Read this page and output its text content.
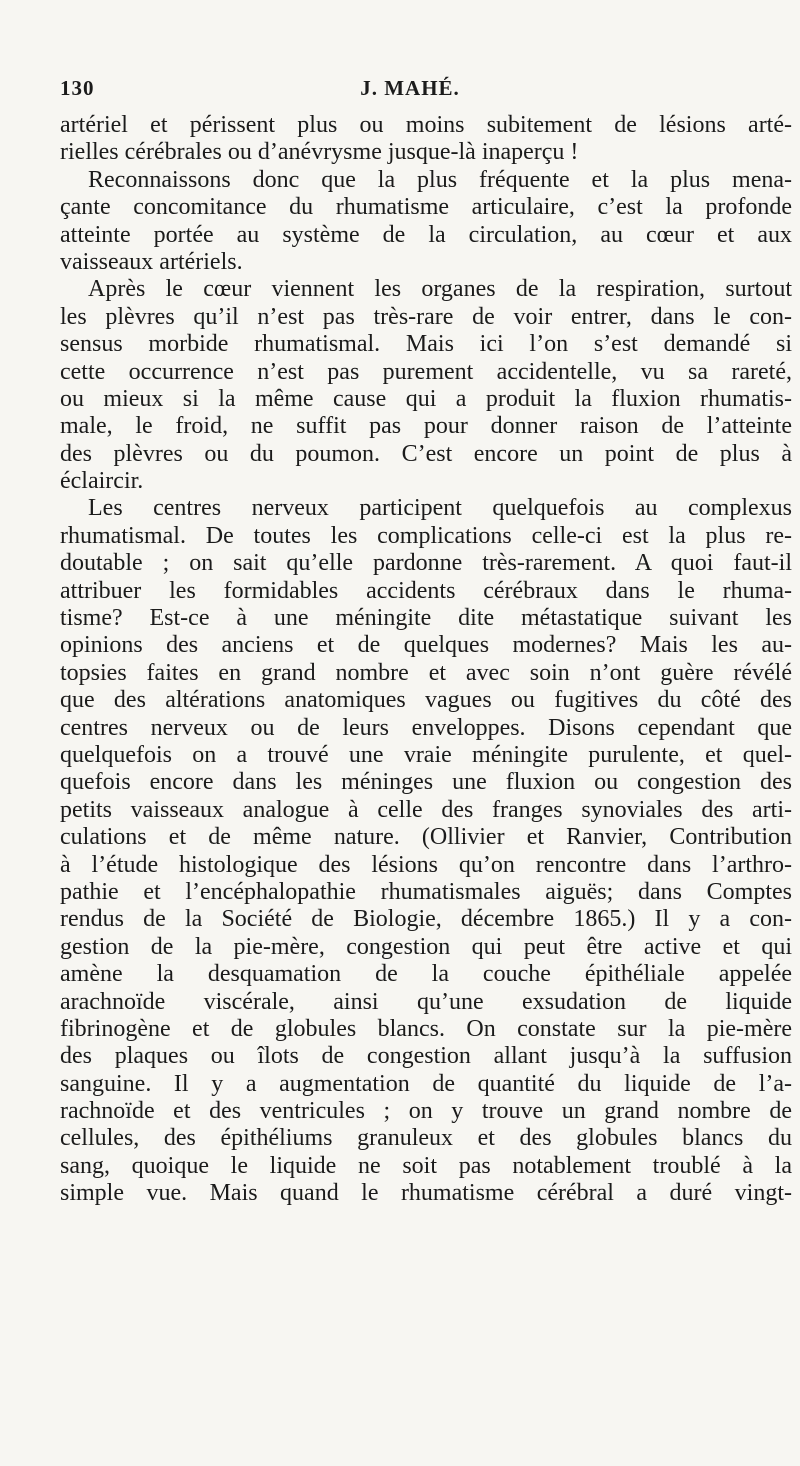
130	J. MAHÉ.
artériel et périssent plus ou moins subitement de lésions arté-
rielles cérébrales ou d’anévrysme jusque-là inaperçu !
Reconnaissons donc que la plus fréquente et la plus mena-
çante concomitance du rhumatisme articulaire, c’est la profonde
atteinte portée au système de la circulation, au cœur et aux
vaisseaux artériels.
Après le cœur viennent les organes de la respiration, surtout
les plèvres qu’il n’est pas très-rare de voir entrer, dans le con-
sensus morbide rhumatismal. Mais ici l’on s’est demandé si
cette occurrence n’est pas purement accidentelle, vu sa rareté,
ou mieux si la même cause qui a produit la fluxion rhumatis-
male, le froid, ne suffit pas pour donner raison de l’atteinte
des plèvres ou du poumon. C’est encore un point de plus à
éclaircir.
Les centres nerveux participent quelquefois au complexus
rhumatismal. De toutes les complications celle-ci est la plus re-
doutable ; on sait qu’elle pardonne très-rarement. A quoi faut-il
attribuer les formidables accidents cérébraux dans le rhuma-
tisme? Est-ce à une méningite dite métastatique suivant les
opinions des anciens et de quelques modernes? Mais les au-
topsies faites en grand nombre et avec soin n’ont guère révélé
que des altérations anatomiques vagues ou fugitives du côté des
centres nerveux ou de leurs enveloppes. Disons cependant que
quelquefois on a trouvé une vraie méningite purulente, et quel-
quefois encore dans les méninges une fluxion ou congestion des
petits vaisseaux analogue à celle des franges synoviales des arti-
culations et de même nature. (Ollivier et Ranvier, Contribution
à l’étude histologique des lésions qu’on rencontre dans l’arthro-
pathie et l’encéphalopathie rhumatismales aiguës; dans Comptes
rendus de la Société de Biologie, décembre 1865.) Il y a con-
gestion de la pie-mère, congestion qui peut être active et qui
amène la desquamation de la couche épithéliale appelée
arachnoïde viscérale, ainsi qu’une exsudation de liquide
fibrinogène et de globules blancs. On constate sur la pie-mère
des plaques ou îlots de congestion allant jusqu’à la suffusion
sanguine. Il y a augmentation de quantité du liquide de l’a-
rachnoïde et des ventricules ; on y trouve un grand nombre de
cellules, des épithéliums granuleux et des globules blancs du
sang, quoique le liquide ne soit pas notablement troublé à la
simple vue. Mais quand le rhumatisme cérébral a duré vingt-
